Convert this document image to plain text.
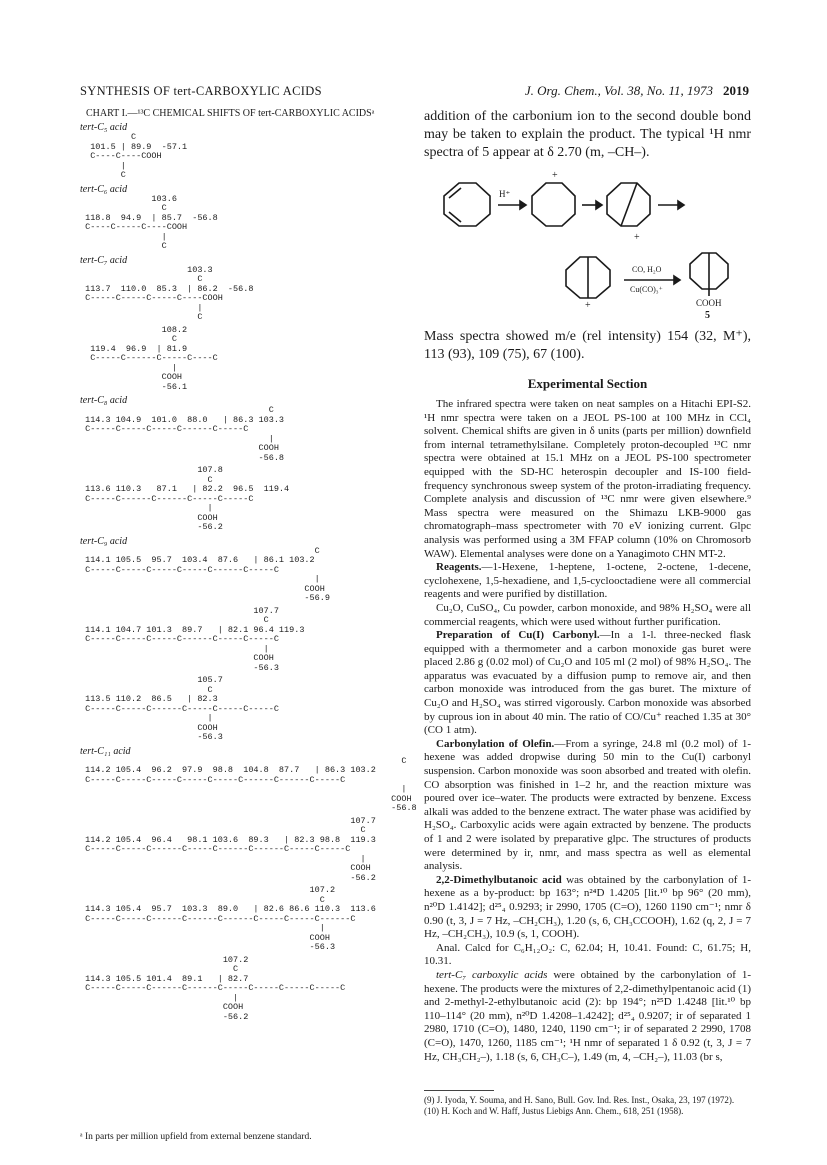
SYNTHESIS OF tert-CARBOXYLIC ACIDS	J. Org. Chem., Vol. 38, No. 11, 1973 2019
CHART I.—¹³C CHEMICAL SHIFTS OF tert-CARBOXYLIC ACIDSᵃ
tert-C₅ acid
C
101.5 | 89.9  -57.1
C----C----COOH
|
C
tert-C₆ acid
103.6
C
118.8  94.9  | 85.7  -56.8
C----C-----C----COOH
|
C
tert-C₇ acid
103.3
C
113.7  110.0  85.3  | 86.2  -56.8
C-----C-----C-----C----COOH
|
C
108.2
C
119.4  96.9  | 81.9
C-----C------C-----C----C
|
COOH
-56.1
tert-C₈ acid
C
114.3 104.9  101.0  88.0   | 86.3 103.3
C-----C-----C-----C------C-----C
|
COOH
-56.8
107.8
C
113.6 110.3   87.1   | 82.2  96.5  119.4
C-----C------C------C-----C-----C
|
COOH
-56.2
tert-C₉ acid
C
114.1 105.5  95.7  103.4  87.6   | 86.1 103.2
C-----C-----C-----C-----C------C-----C
|
COOH
-56.9
107.7
C
114.1 104.7 101.3  89.7   | 82.1 96.4 119.3
C-----C-----C-----C------C-----C-----C
|
COOH
-56.3
105.7
C
113.5 110.2  86.5   | 82.3
C-----C-----C------C-----C-----C-----C
|
COOH
-56.3
tert-C₁₁ acid
C
114.2 105.4  96.2  97.9  98.8  104.8  87.7   | 86.3 103.2
C-----C-----C-----C-----C-----C------C------C-----C
|
COOH
-56.8
107.7
C
114.2 105.4  96.4   98.1 103.6  89.3   | 82.3 98.8  119.3
C-----C-----C------C-----C------C------C-----C-----C
|
COOH
-56.2
107.2
C
114.3 105.4  95.7  103.3  89.0   | 82.6 86.6 110.3  113.6
C-----C-----C------C------C------C-----C-----C------C
|
COOH
-56.3
107.2
C
114.3 105.5 101.4  89.1   | 82.7
C-----C-----C------C------C-----C-----C-----C-----C
|
COOH
-56.2
ᵃ In parts per million upfield from external benzene standard.

addition of the carbonium ion to the second double bond may be taken to explain the product. The typical ¹H nmr spectra of 5 appear at δ 2.70 (m, –CH–).

H⁺
+
+
+
CO, H₂O
Cu(CO)₃⁺
COOH
5

Mass spectra showed m/e (rel intensity) 154 (32, M⁺), 113 (93), 109 (75), 67 (100).

Experimental Section

The infrared spectra were taken on neat samples on a Hitachi EPI-S2. ¹H nmr spectra were taken on a JEOL PS-100 at 100 MHz in CCl₄ solvent. Chemical shifts are given in δ units (parts per million) downfield from internal tetramethylsilane. Completely proton-decoupled ¹³C nmr spectra were obtained at 15.1 MHz on a JEOL PS-100 spectrometer equipped with the SD-HC heterospin decoupler and IS-100 field-frequency synchronous sweep system of the proton-irradiating frequency. Complete analysis and discussion of ¹³C nmr were given elsewhere.⁹ Mass spectra were measured on the Shimazu LKB-9000 gas chromatograph–mass spectrometer with 70 eV ionizing current. Glpc analysis was performed using a 3M FFAP column (10% on Chromosorb WAW). Elemental analyses were done on a Yanagimoto CHN MT-2.

Reagents.—1-Hexene, 1-heptene, 1-octene, 2-octene, 1-decene, cyclohexene, 1,5-hexadiene, and 1,5-cyclooctadiene were all commercial reagents and were purified by distillation.

Cu₂O, CuSO₄, Cu powder, carbon monoxide, and 98% H₂SO₄ were all commercial reagents, which were used without further purification.

Preparation of Cu(I) Carbonyl.—In a 1-l. three-necked flask equipped with a thermometer and a carbon monoxide gas buret were placed 2.86 g (0.02 mol) of Cu₂O and 105 ml (2 mol) of 98% H₂SO₄. The apparatus was evacuated by a diffusion pump to remove air, and then carbon monoxide was introduced from the gas buret. The mixture of Cu₂O and H₂SO₄ was stirred vigorously. Carbon monoxide was absorbed by cuprous ion in about 40 min. The ratio of CO/Cu⁺ reached 1.35 at 30° (CO 1 atm).

Carbonylation of Olefin.—From a syringe, 24.8 ml (0.2 mol) of 1-hexene was added dropwise during 50 min to the Cu(I) carbonyl suspension. Carbon monoxide was soon absorbed and treated with olefin. CO absorption was finished in 1–2 hr, and the reaction mixture was poured over ice–water. The products were extracted by benzene. Excess alkali was added to the benzene extract. The water phase was acidified by H₂SO₄. Carboxylic acids were again extracted by benzene. The products of 1 and 2 were isolated by preparative glpc. The structures of products were determined by ir, nmr, and mass spectra as well as elemental analysis.

2,2-Dimethylbutanoic acid was obtained by the carbonylation of 1-hexene as a by-product: bp 163°; n²⁴D 1.4205 [lit.¹⁰ bp 96° (20 mm), n²⁰D 1.4142]; d²⁵₄ 0.9293; ir 2990, 1705 (C=O), 1260 1190 cm⁻¹; nmr δ 0.90 (t, 3, J = 7 Hz, –CH₂CH₃), 1.20 (s, 6, CH₃CCOOH), 1.62 (q, 2, J = 7 Hz, –CH₂CH₃), 10.9 (s, 1, COOH).

Anal. Calcd for C₆H₁₂O₂: C, 62.04; H, 10.41. Found: C, 61.75; H, 10.31.

tert-C₇ carboxylic acids were obtained by the carbonylation of 1-hexene. The products were the mixtures of 2,2-dimethylpentanoic acid (1) and 2-methyl-2-ethylbutanoic acid (2): bp 194°; n²⁵D 1.4248 [lit.¹⁰ bp 110–114° (20 mm), n²⁰D 1.4208–1.4242]; d²⁵₄ 0.9207; ir of separated 1 2980, 1710 (C=O), 1480, 1240, 1190 cm⁻¹; ir of separated 2 2990, 1708 (C=O), 1470, 1260, 1185 cm⁻¹; ¹H nmr of separated 1 δ 0.92 (t, 3, J = 7 Hz, CH₃CH₂–), 1.18 (s, 6, CH₃C–), 1.49 (m, 4, –CH₂–), 11.03 (br s,

(9) J. Iyoda, Y. Souma, and H. Sano, Bull. Gov. Ind. Res. Inst., Osaka, 23, 197 (1972).
(10) H. Koch and W. Haff, Justus Liebigs Ann. Chem., 618, 251 (1958).
